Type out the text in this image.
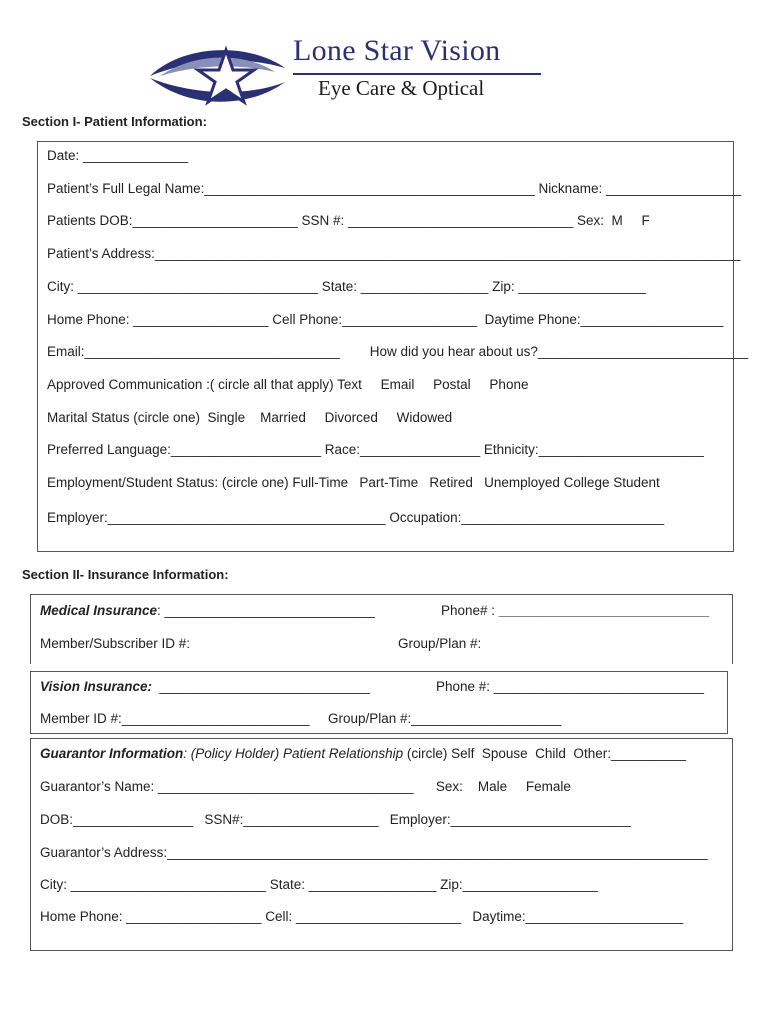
Lone Star Vision
Eye Care & Optical
Section I- Patient Information:
Date: ______________
Patient’s Full Legal Name:____________________________________________ Nickname: __________________
Patients DOB:______________________ SSN #: ______________________________ Sex:  M     F
Patient’s Address:______________________________________________________________________________
City: ________________________________ State: _________________ Zip: _________________
Home Phone: __________________ Cell Phone:__________________  Daytime Phone:___________________
Email:__________________________________        How did you hear about us?____________________________
Approved Communication :( circle all that apply) Text     Email     Postal     Phone
Marital Status (circle one)  Single    Married     Divorced     Widowed
Preferred Language:____________________ Race:________________ Ethnicity:______________________
Employment/Student Status: (circle one) Full-Time   Part-Time   Retired   Unemployed College Student
Employer:_____________________________________ Occupation:___________________________
Section II- Insurance Information:
Medical Insurance: ____________________________	Phone# : ____________________________
Member/Subscriber ID #:	Group/Plan #:
Vision Insurance:  ____________________________	Phone #: ____________________________
Member ID #:_________________________ Group/Plan #:____________________
Guarantor Information: (Policy Holder) Patient Relationship (circle) Self  Spouse  Child  Other:__________
Guarantor’s Name: __________________________________      Sex:    Male     Female
DOB:________________   SSN#:__________________   Employer:________________________
Guarantor’s Address:________________________________________________________________________
City: __________________________ State: _________________ Zip:__________________
Home Phone: __________________ Cell: ______________________   Daytime:_____________________
